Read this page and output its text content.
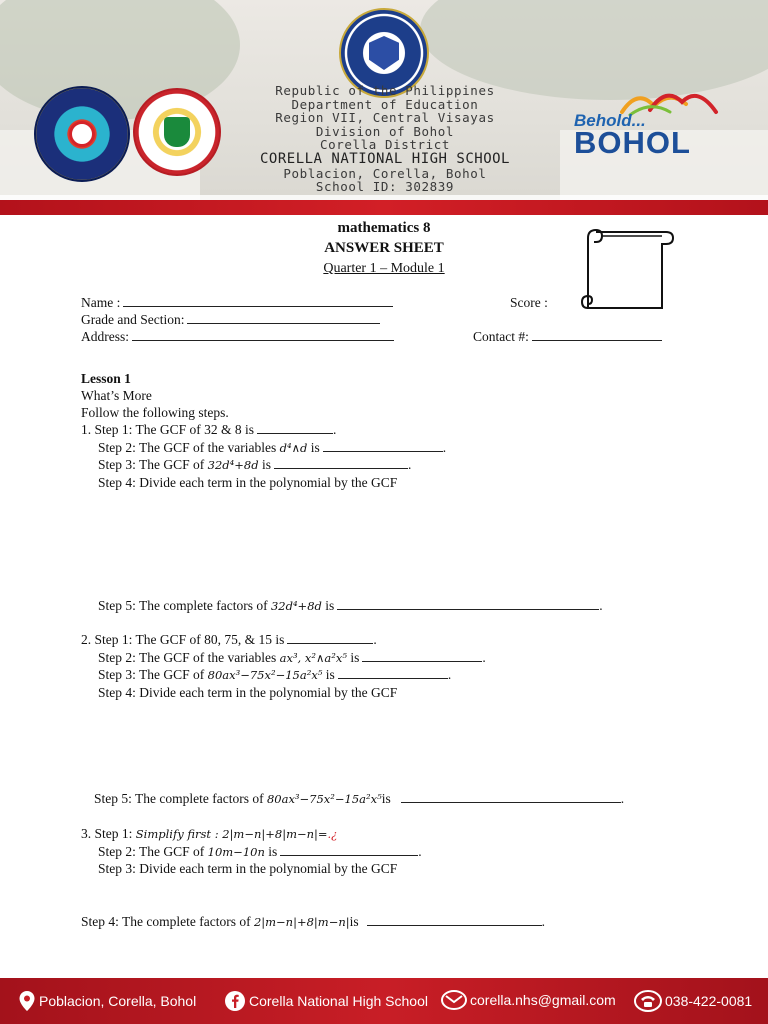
Republic of the Philippines
Department of Education
Region VII, Central Visayas
Division of Bohol
Corella District
CORELLA NATIONAL HIGH SCHOOL
Poblacion, Corella, Bohol
School ID: 302839
Behold...
BOHOL
mathematics 8
ANSWER SHEET
Quarter 1 – Module 1
Name :	Score :
Grade and Section:
Address:	Contact #:
Lesson 1
What’s More
Follow the following steps.
1. Step 1: The GCF of 32 & 8 is	.
Step 2: The GCF of the variables d⁴∧d is	.
Step 3: The GCF of 32d⁴+8d is	.
Step 4: Divide each term in the polynomial by the GCF
Step 5: The complete factors of 32d⁴+8d is	.
2. Step 1: The GCF of 80, 75, & 15 is	.
Step 2: The GCF of the variables ax³, x²∧a²x⁵ is	.
Step 3: The GCF of 80ax³−75x²−15a²x⁵ is	.
Step 4: Divide each term in the polynomial by the GCF
Step 5: The complete factors of 80ax³−75x²−15a²x⁵is	.
3. Step 1: Simplify first : 2|m−n|+8|m−n|=.¿
Step 2: The GCF of 10m−10n is	.
Step 3: Divide each term in the polynomial by the GCF
Step 4: The complete factors of 2|m−n|+8|m−n|is	.
Poblacion, Corella, Bohol	Corella National High School	corella.nhs@gmail.com	038-422-0081
